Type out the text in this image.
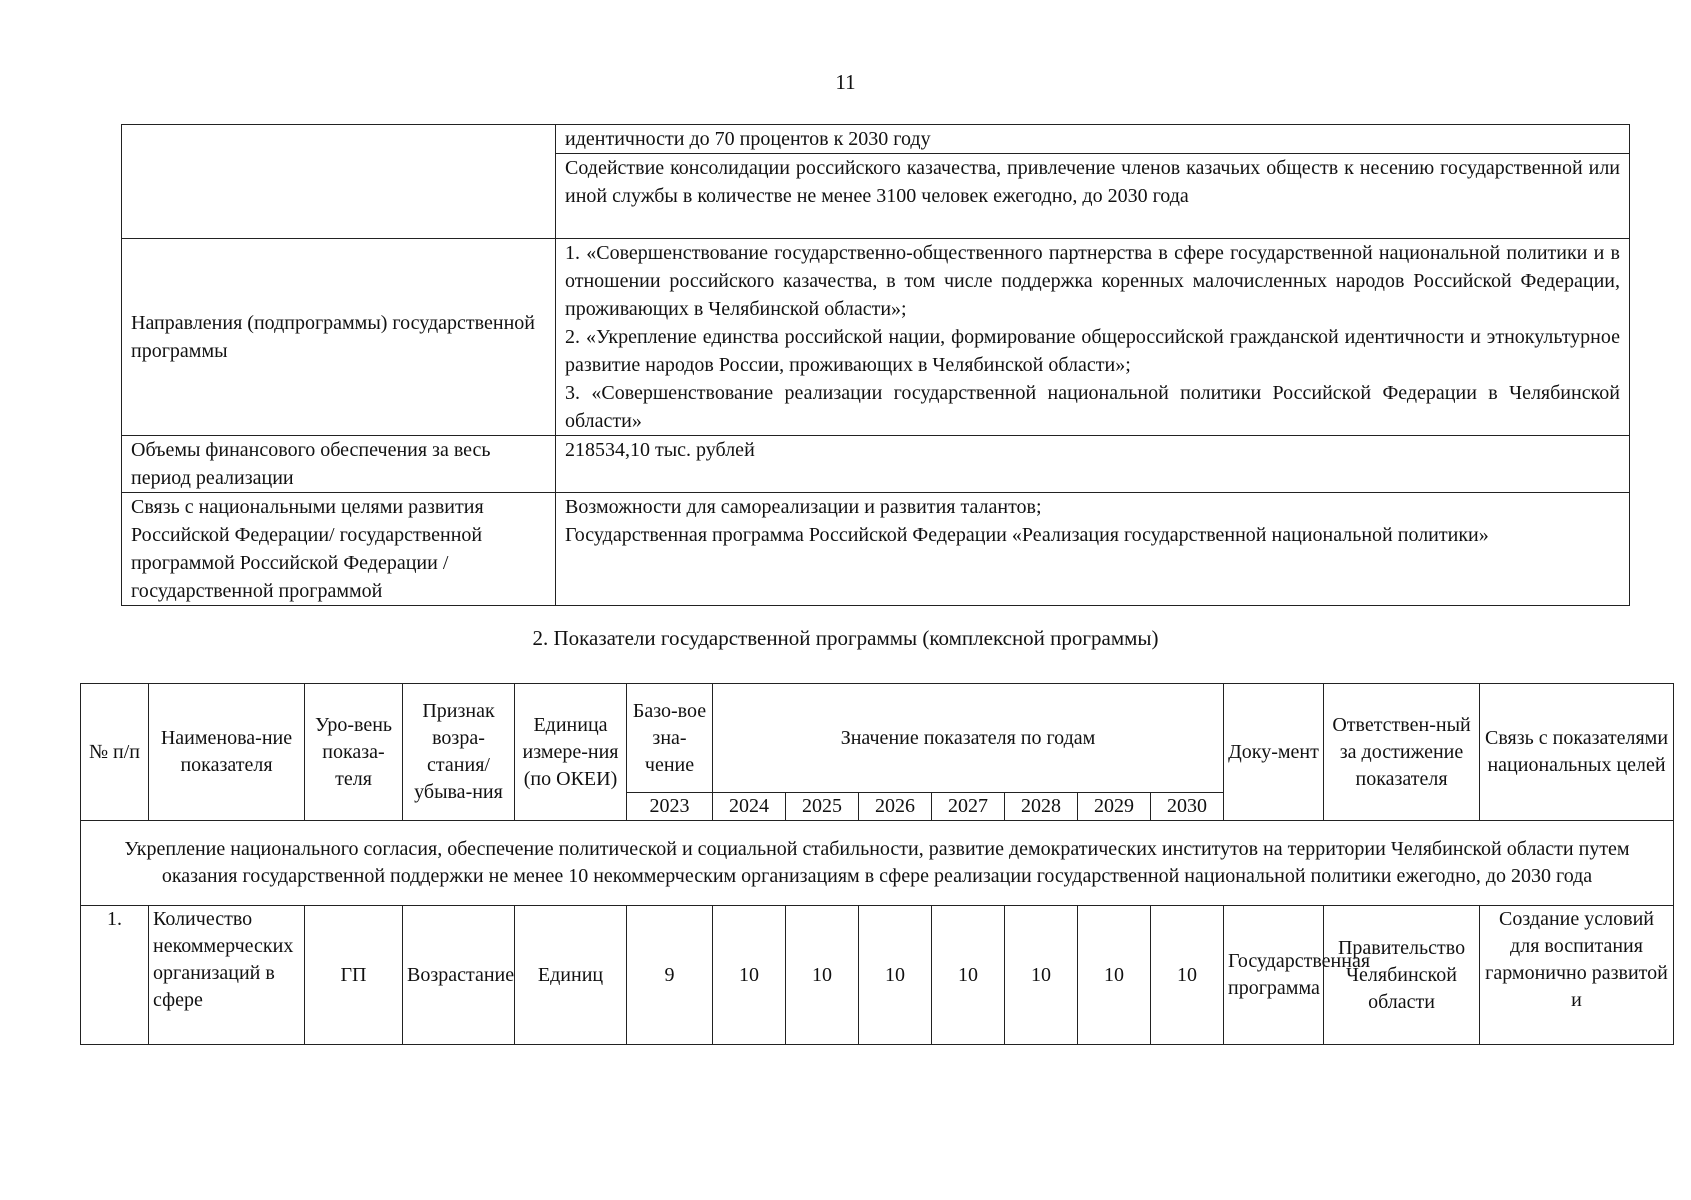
11
	идентичности до 70 процентов к 2030 году

	Содействие консолидации российского казачества, привлечение членов казачьих обществ к несению государственной или иной службы в количестве не менее 3100 человек ежегодно, до 2030 года

Направления (подпрограммы) государственной программы	1. «Совершенствование государственно-общественного партнерства в сфере государственной национальной политики и в отношении российского казачества, в том числе поддержка коренных малочисленных народов Российской Федерации, проживающих в Челябинской области»;
2. «Укрепление единства российской нации, формирование общероссийской гражданской идентичности и этнокультурное развитие народов России, проживающих в Челябинской области»;
3. «Совершенствование реализации государственной национальной политики Российской Федерации в Челябинской области»

Объемы финансового обеспечения за весь период реализации	218534,10 тыс. рублей
Связь с национальными целями развития Российской Федерации/ государственной программой Российской Федерации / государственной программой	Возможности для самореализации и развития талантов;
Государственная программа Российской Федерации «Реализация государственной национальной политики»
2. Показатели государственной программы (комплексной программы)
№ п/п	Наименова-ние показателя	Уро-вень показа-теля	Признак возра-стания/ убыва-ния	Единица измере-ния (по ОКЕИ)	Базо-вое зна-чение	Значение показателя по годам							Доку-мент	Ответствен-ный за достижение показателя	Связь с показателями национальных целей
					2023	2024	2025	2026	2027	2028	2029	2030			
Укрепление национального согласия, обеспечение политической и социальной стабильности, развитие демократических институтов на территории Челябинской области путем оказания государственной поддержки не менее 10 некоммерческим организациям в сфере реализации государственной национальной политики ежегодно, до 2030 года															
1.	Количество некоммерческих организаций в сфере	ГП	Возрастание	Единиц	9	10	10	10	10	10	10	10	Государственная программа	Правительство Челябинской области	Создание условий для воспитания гармонично развитой и
